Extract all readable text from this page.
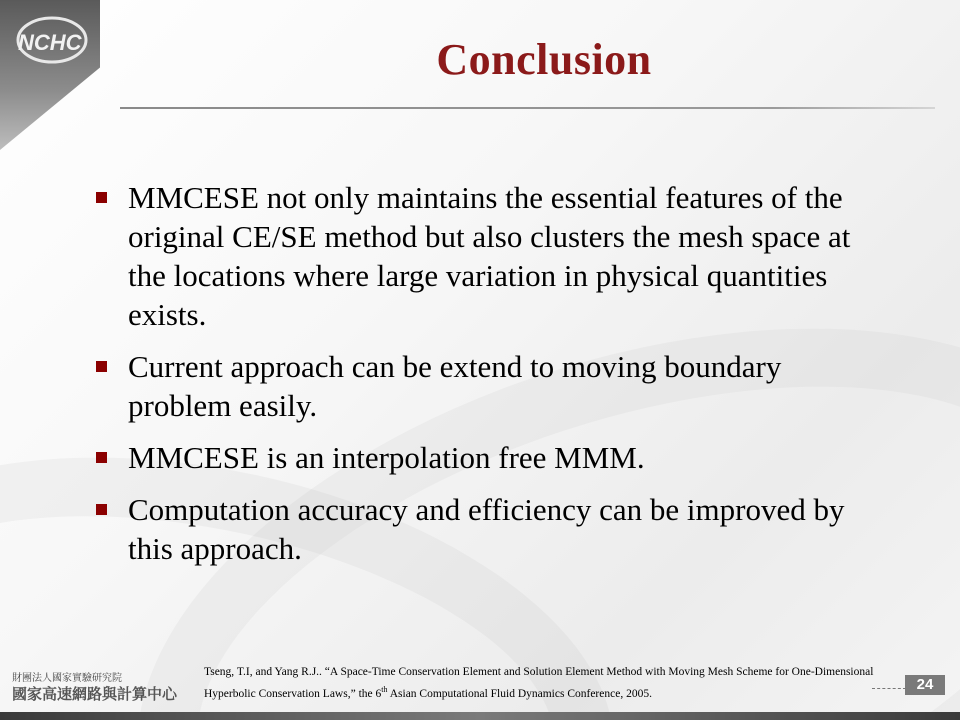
NCHC	Conclusion
MMCESE not only maintains the essential features of the original CE/SE method but also clusters the mesh space at the locations where large variation in physical quantities exists.
Current approach can be extend to moving boundary problem easily.
MMCESE is an interpolation free MMM.
Computation accuracy and efficiency can be improved by this approach.
財團法人國家實驗研究院
國家高速網路與計算中心
Tseng, T.I, and Yang R.J.. “A Space-Time Conservation Element and Solution Element Method with Moving Mesh Scheme for One-Dimensional Hyperbolic Conservation Laws,” the 6th Asian Computational Fluid Dynamics Conference, 2005.
24
